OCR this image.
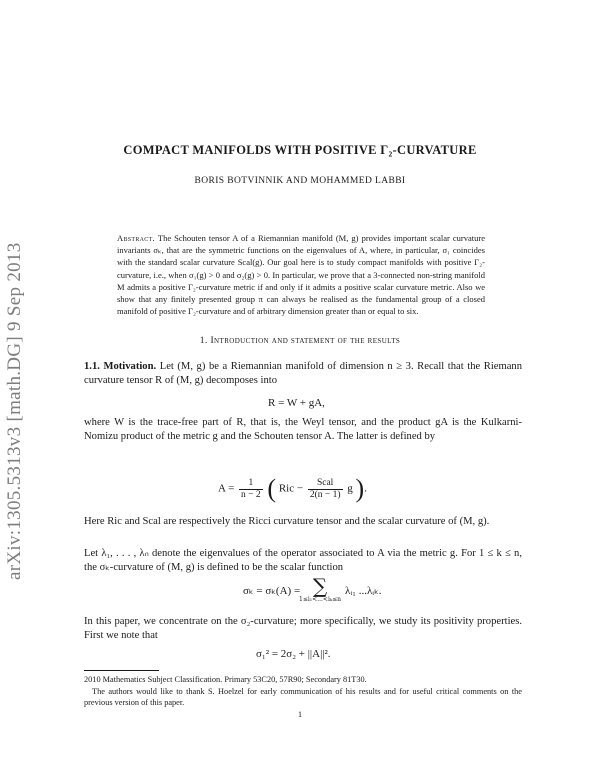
arXiv:1305.5313v3 [math.DG] 9 Sep 2013
COMPACT MANIFOLDS WITH POSITIVE Γ₂-CURVATURE
BORIS BOTVINNIK AND MOHAMMED LABBI
Abstract. The Schouten tensor A of a Riemannian manifold (M, g) provides important scalar curvature invariants σₖ, that are the symmetric functions on the eigenvalues of A, where, in particular, σ₁ coincides with the standard scalar curvature Scal(g). Our goal here is to study compact manifolds with positive Γ₂-curvature, i.e., when σ₁(g) > 0 and σ₂(g) > 0. In particular, we prove that a 3-connected non-string manifold M admits a positive Γ₂-curvature metric if and only if it admits a positive scalar curvature metric. Also we show that any finitely presented group π can always be realised as the fundamental group of a closed manifold of positive Γ₂-curvature and of arbitrary dimension greater than or equal to six.
1. Introduction and statement of the results
1.1. Motivation. Let (M, g) be a Riemannian manifold of dimension n ≥ 3. Recall that the Riemann curvature tensor R of (M, g) decomposes into
R = W + gA,
where W is the trace-free part of R, that is, the Weyl tensor, and the product gA is the Kulkarni-Nomizu product of the metric g and the Schouten tensor A. The latter is defined by
$A = \frac{1}{n - 2}$ ( Ric − $\frac{\text{Scal}}{2(n - 1)}$ g ).
Here Ric and Scal are respectively the Ricci curvature tensor and the scalar curvature of (M, g).
Let λ₁, . . . , λₙ denote the eigenvalues of the operator associated to A via the metric g. For 1 ≤ k ≤ n, the σₖ-curvature of (M, g) is defined to be the scalar function
σₖ = σₖ(A) = ∑
1≤i₁<...<iₖ≤n
λᵢ₁ ...λᵢₖ.
In this paper, we concentrate on the σ₂-curvature; more specifically, we study its positivity properties. First we note that
σ₁² = 2σ₂ + ||A||².
2010 Mathematics Subject Classification. Primary 53C20, 57R90; Secondary 81T30.
The authors would like to thank S. Hoelzel for early communication of his results and for useful critical comments on the previous version of this paper.
1
